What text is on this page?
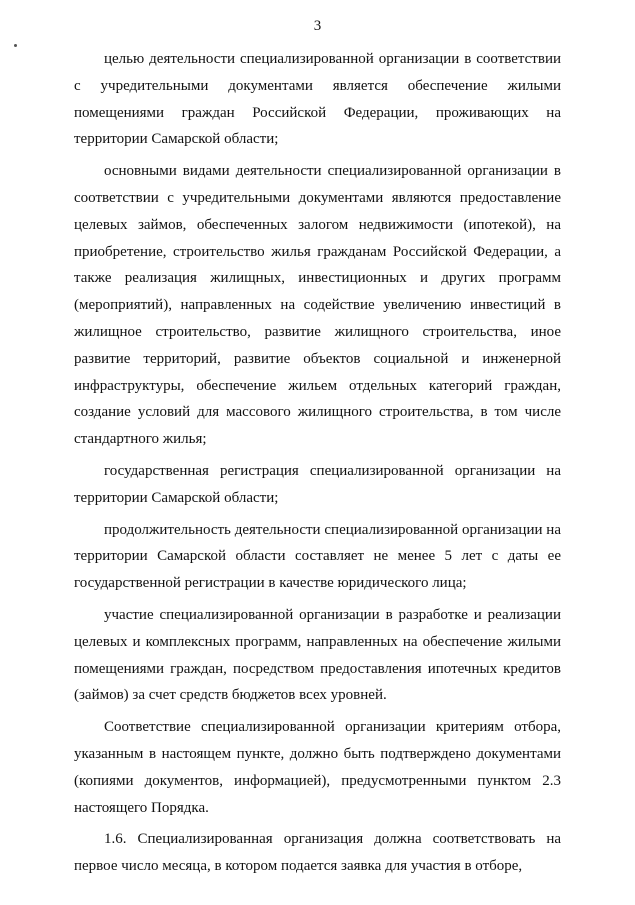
3

целью деятельности специализированной организации в соответствии с учредительными документами является обеспечение жилыми помещениями граждан Российской Федерации, проживающих на территории Самарской области;

основными видами деятельности специализированной организации в соответствии с учредительными документами являются предоставление целевых займов, обеспеченных залогом недвижимости (ипотекой), на приобретение, строительство жилья гражданам Российской Федерации, а также реализация жилищных, инвестиционных и других программ (мероприятий), направленных на содействие увеличению инвестиций в жилищное строительство, развитие жилищного строительства, иное развитие территорий, развитие объектов социальной и инженерной инфраструктуры, обеспечение жильем отдельных категорий граждан, создание условий для массового жилищного строительства, в том числе стандартного жилья;

государственная регистрация специализированной организации на территории Самарской области;

продолжительность деятельности специализированной организации на территории Самарской области составляет не менее 5 лет с даты ее государственной регистрации в качестве юридического лица;

участие специализированной организации в разработке и реализации целевых и комплексных программ, направленных на обеспечение жилыми помещениями граждан, посредством предоставления ипотечных кредитов (займов) за счет средств бюджетов всех уровней.

Соответствие специализированной организации критериям отбора, указанным в настоящем пункте, должно быть подтверждено документами (копиями документов, информацией), предусмотренными пунктом 2.3 настоящего Порядка.

1.6. Специализированная организация должна соответствовать на первое число месяца, в котором подается заявка для участия в отборе,
